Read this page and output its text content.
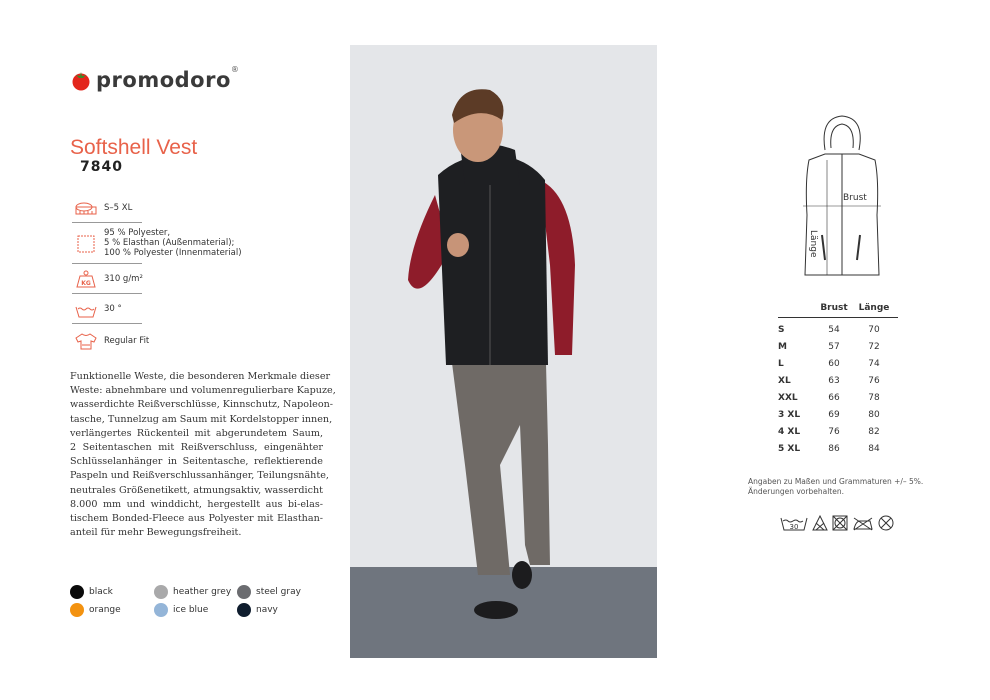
promodoro ®
Softshell Vest
7840
S–5 XL
95 % Polyester,
5 % Elasthan (Außenmaterial);
100 % Polyester (Innenmaterial)
KG 310 g/m²
30 °
Regular Fit
Funktionelle Weste, die besonderen Merkmale dieser
Weste: abnehmbare und volumenregulierbare Kapuze,
wasserdichte Reißverschlüsse, Kinnschutz, Napoleon-
tasche, Tunnelzug am Saum mit Kordelstopper innen,
verlängertes Rückenteil mit abgerundetem Saum,
2 Seitentaschen mit Reißverschluss, eingenähter
Schlüsselanhänger in Seitentasche, reflektierende
Paspeln und Reißverschlussanhänger, Teilungsnähte,
neutrales Größenetikett, atmungsaktiv, wasserdicht
8.000 mm und winddicht, hergestellt aus bi-elas-
tischem Bonded-Fleece aus Polyester mit Elasthan-
anteil für mehr Bewegungsfreiheit.
black	heather grey	steel gray
orange	ice blue	navy
Brust
Länge
Brust	Länge
S	54	70
M	57	72
L	60	74
XL	63	76
XXL	66	78
3 XL	69	80
4 XL	76	82
5 XL	86	84
Angaben zu Maßen und Grammaturen +/– 5%.
Änderungen vorbehalten.
30
